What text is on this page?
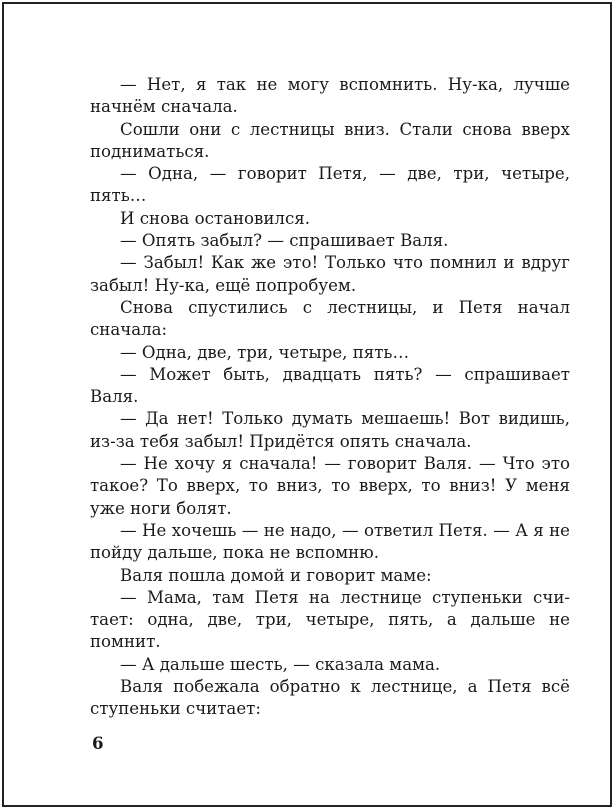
— Нет, я так не могу вспомнить. Ну-ка, лучше начнём сначала.

Сошли они с лестницы вниз. Стали снова вверх подниматься.

— Одна, — говорит Петя, — две, три, четыре, пять…

И снова остановился.

— Опять забыл? — спрашивает Валя.

— Забыл! Как же это! Только что помнил и вдруг забыл! Ну-ка, ещё попробуем.

Снова спустились с лестницы, и Петя начал сначала:

— Одна, две, три, четыре, пять…

— Может быть, двадцать пять? — спрашивает Валя.

— Да нет! Только думать мешаешь! Вот видишь, из-за тебя забыл! Придётся опять сначала.

— Не хочу я сначала! — говорит Валя. — Что это такое? То вверх, то вниз, то вверх, то вниз! У меня уже ноги болят.

— Не хочешь — не надо, — ответил Петя. — А я не пойду дальше, пока не вспомню.

Валя пошла домой и говорит маме:

— Мама, там Петя на лестнице ступеньки считает: одна, две, три, четыре, пять, а дальше не помнит.

— А дальше шесть, — сказала мама.

Валя побежала обратно к лестнице, а Петя всё ступеньки считает:

6
